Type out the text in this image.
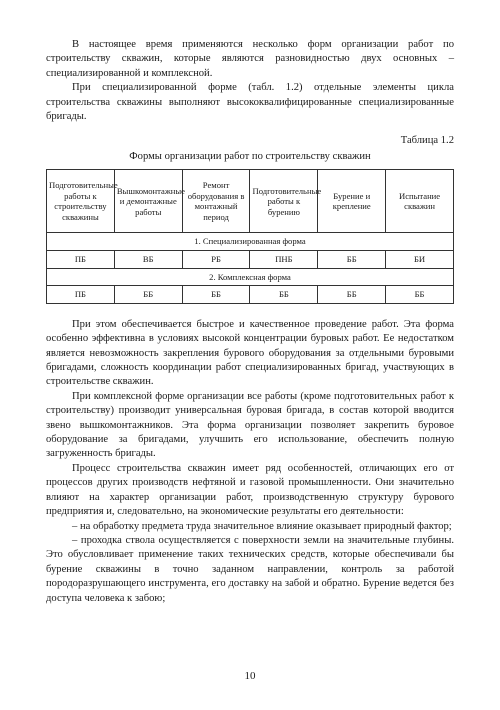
В настоящее время применяются несколько форм организации работ по строительству скважин, которые являются разновидностью двух основных – специализированной и комплексной.

При специализированной форме (табл. 1.2) отдельные элементы цикла строительства скважины выполняют высококвалифицированные специализированные бригады.

Таблица 1.2
Формы организации работ по строительству скважин
Подготовительные работы к строительству скважины	Вышкомонтажные и демонтажные работы	Ремонт оборудования в монтажный период	Подготовительные работы к бурению	Бурение и крепление	Испытание скважин
1. Специализированная форма					
ПБ	ВБ	РБ	ПНБ	ББ	БИ
2. Комплексная форма					
ПБ	ББ	ББ	ББ	ББ	ББ

При этом обеспечивается быстрое и качественное проведение работ. Эта форма особенно эффективна в условиях высокой концентрации буровых работ. Ее недостатком является невозможность закрепления бурового оборудования за отдельными буровыми бригадами, сложность координации работ специализированных бригад, участвующих в строительстве скважин.

При комплексной форме организации все работы (кроме подготовительных работ к строительству) производит универсальная буровая бригада, в состав которой вводится звено вышкомонтажников. Эта форма организации позволяет закрепить буровое оборудование за бригадами, улучшить его использование, обеспечить полную загруженность бригады.

Процесс строительства скважин имеет ряд особенностей, отличающих его от процессов других производств нефтяной и газовой промышленности. Они значительно влияют на характер организации работ, производственную структуру бурового предприятия и, следовательно, на экономические результаты его деятельности:

– на обработку предмета труда значительное влияние оказывает природный фактор;

– проходка ствола осуществляется с поверхности земли на значительные глубины. Это обусловливает применение таких технических средств, которые обеспечивали бы бурение скважины в точно заданном направлении, контроль за работой породоразрушающего инструмента, его доставку на забой и обратно. Бурение ведется без доступа человека к забою;

10
